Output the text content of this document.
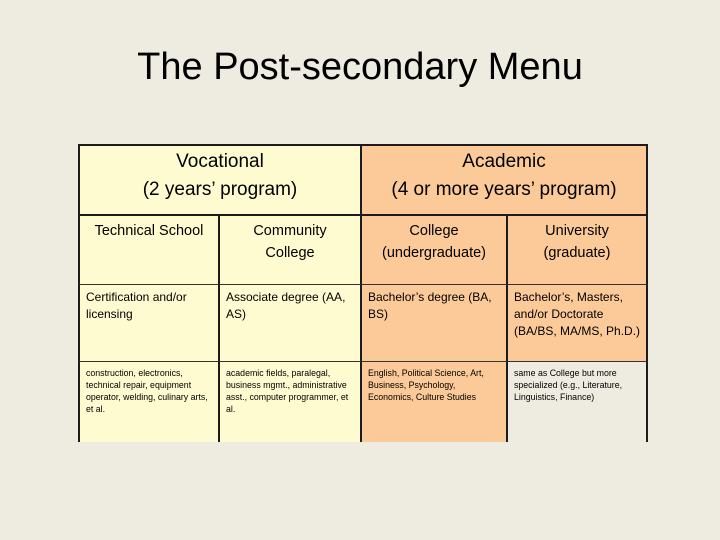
The Post-secondary Menu
Vocational
(2 years’ program)
Academic
(4 or more years’ program)
Technical School	Community
College
College
(undergraduate)
University
(graduate)
Certification and/or
licensing
Associate degree (AA,
AS)
Bachelor’s degree (BA,
BS)
Bachelor’s, Masters,
and/or Doctorate
(BA/BS, MA/MS, Ph.D.)
construction, electronics,
technical repair, equipment
operator, welding, culinary arts,
et al.
academic fields, paralegal,
business mgmt., administrative
asst., computer programmer, et
al.
English, Political Science, Art,
Business, Psychology,
Economics, Culture Studies
same as College but more
specialized (e.g., Literature,
Linguistics, Finance)
